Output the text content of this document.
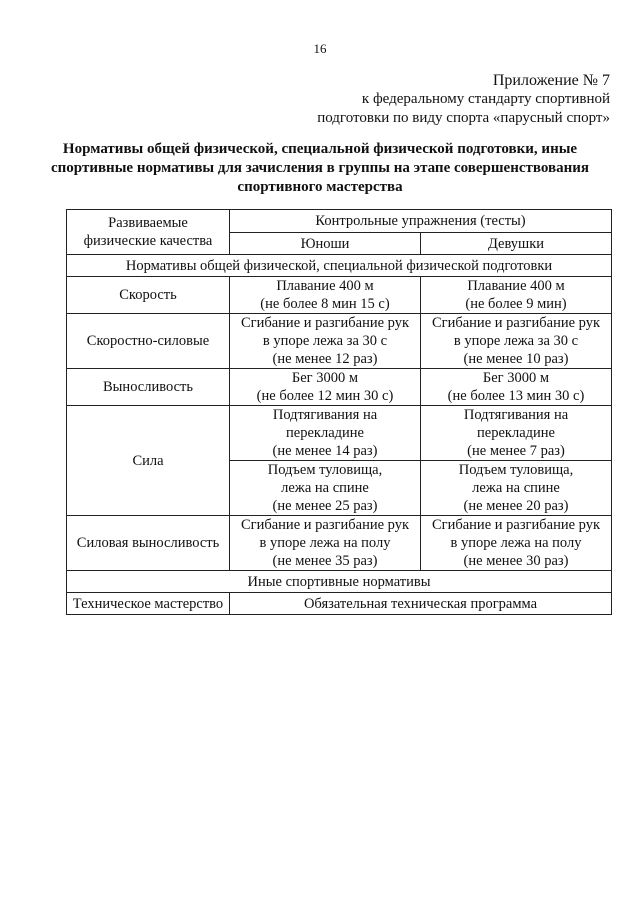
16
Приложение № 7
к федеральному стандарту спортивной
подготовки по виду спорта «парусный спорт»
Нормативы общей физической, специальной физической подготовки, иные
спортивные нормативы для зачисления в группы на этапе совершенствования
спортивного мастерства
Развиваемые
физические качества	Контрольные упражнения (тесты)	
	Юноши	Девушки
Нормативы общей физической, специальной физической подготовки		
Скорость	Плавание 400 м
(не более 8 мин 15 с)	Плавание 400 м
(не более 9 мин)

Скоростно-силовые	Сгибание и разгибание рук
в упоре лежа за 30 с
(не менее 12 раз)	Сгибание и разгибание рук
в упоре лежа за 30 с
(не менее 10 раз)

Выносливость	Бег 3000 м
(не более 12 мин 30 с)	Бег 3000 м
(не более 13 мин 30 с)

Сила	Подтягивания на
перекладине
(не менее 14 раз)	Подтягивания на
перекладине
(не менее 7 раз)

	Подъем туловища,
лежа на спине
(не менее 25 раз)	Подъем туловища,
лежа на спине
(не менее 20 раз)

Силовая выносливость	Сгибание и разгибание рук
в упоре лежа на полу
(не менее 35 раз)	Сгибание и разгибание рук
в упоре лежа на полу
(не менее 30 раз)

Иные спортивные нормативы		
Техническое мастерство	Обязательная техническая программа	
